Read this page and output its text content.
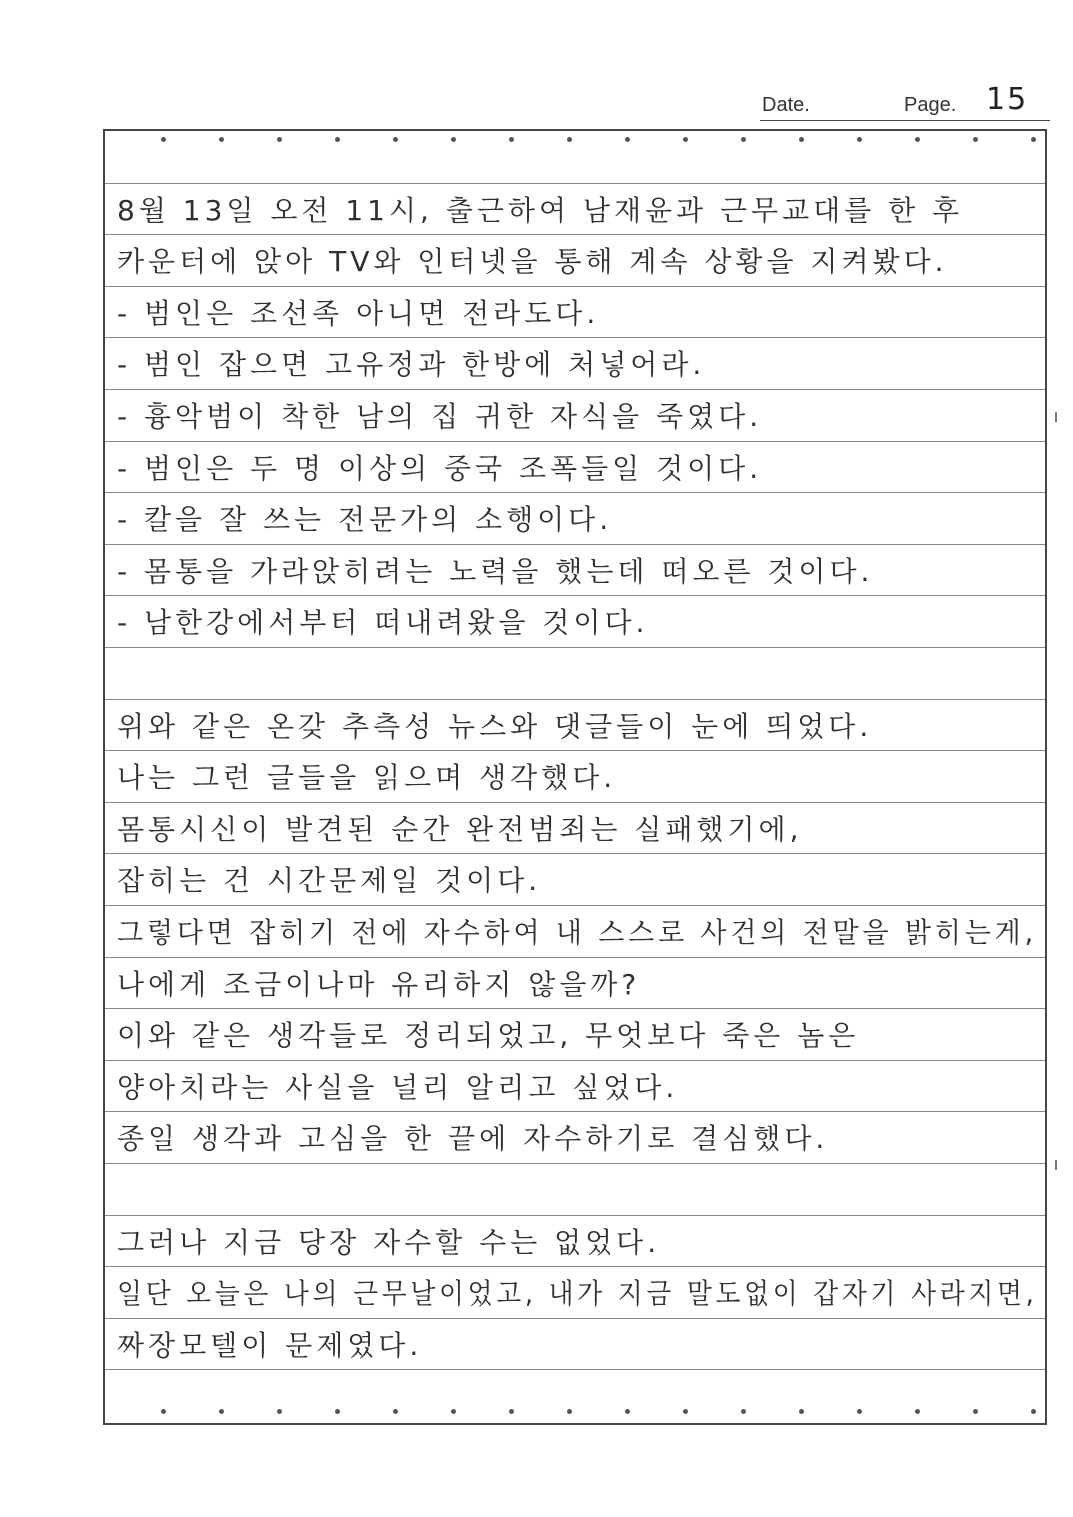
Date.	Page. 15
8월 13일 오전 11시, 출근하여 남재윤과 근무교대를 한 후
카운터에 앉아 TV와 인터넷을 통해 계속 상황을 지켜봤다.
- 범인은 조선족 아니면 전라도다.
- 범인 잡으면 고유정과 한방에 처넣어라.
- 흉악범이 착한 남의 집 귀한 자식을 죽였다.
- 범인은 두 명 이상의 중국 조폭들일 것이다.
- 칼을 잘 쓰는 전문가의 소행이다.
- 몸통을 가라앉히려는 노력을 했는데 떠오른 것이다.
- 남한강에서부터 떠내려왔을 것이다.
위와 같은 온갖 추측성 뉴스와 댓글들이 눈에 띄었다.
나는 그런 글들을 읽으며 생각했다.
몸통시신이 발견된 순간 완전범죄는 실패했기에,
잡히는 건 시간문제일 것이다.
그렇다면 잡히기 전에 자수하여 내 스스로 사건의 전말을 밝히는게,
나에게 조금이나마 유리하지 않을까?
이와 같은 생각들로 정리되었고, 무엇보다 죽은 놈은
양아치라는 사실을 널리 알리고 싶었다.
종일 생각과 고심을 한 끝에 자수하기로 결심했다.
그러나 지금 당장 자수할 수는 없었다.
일단 오늘은 나의 근무날이었고, 내가 지금 말도없이 갑자기 사라지면,
짜장모텔이 문제였다.
